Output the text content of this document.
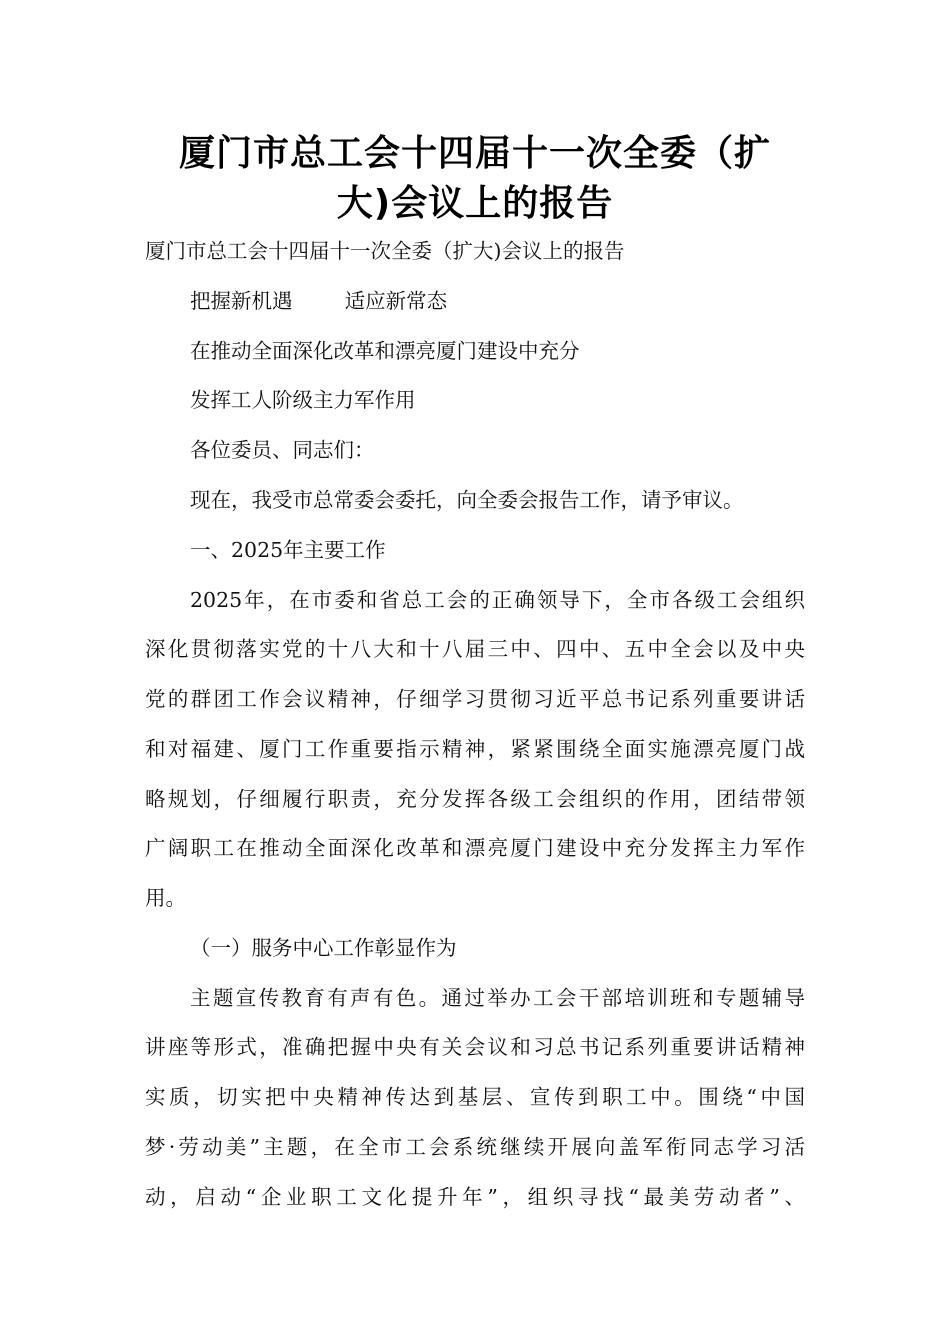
厦门市总工会十四届十一次全委（扩
大)会议上的报告
厦门市总工会十四届十一次全委（扩大)会议上的报告
把握新机遇        适应新常态
在推动全面深化改革和漂亮厦门建设中充分
发挥工人阶级主力军作用
各位委员、同志们：
现在，我受市总常委会委托，向全委会报告工作，请予审议。
一、2025年主要工作
2025年，在市委和省总工会的正确领导下，全市各级工会组织
深化贯彻落实党的十八大和十八届三中、四中、五中全会以及中央
党的群团工作会议精神，仔细学习贯彻习近平总书记系列重要讲话
和对福建、厦门工作重要指示精神，紧紧围绕全面实施漂亮厦门战
略规划，仔细履行职责，充分发挥各级工会组织的作用，团结带领
广阔职工在推动全面深化改革和漂亮厦门建设中充分发挥主力军作
用。
（一）服务中心工作彰显作为
主题宣传教育有声有色。通过举办工会干部培训班和专题辅导
讲座等形式，准确把握中央有关会议和习总书记系列重要讲话精神
实质，切实把中央精神传达到基层、宣传到职工中。围绕“中国
梦·劳动美”主题，在全市工会系统继续开展向盖军衔同志学习活
动，启动“企业职工文化提升年”，组织寻找“最美劳动者”、
